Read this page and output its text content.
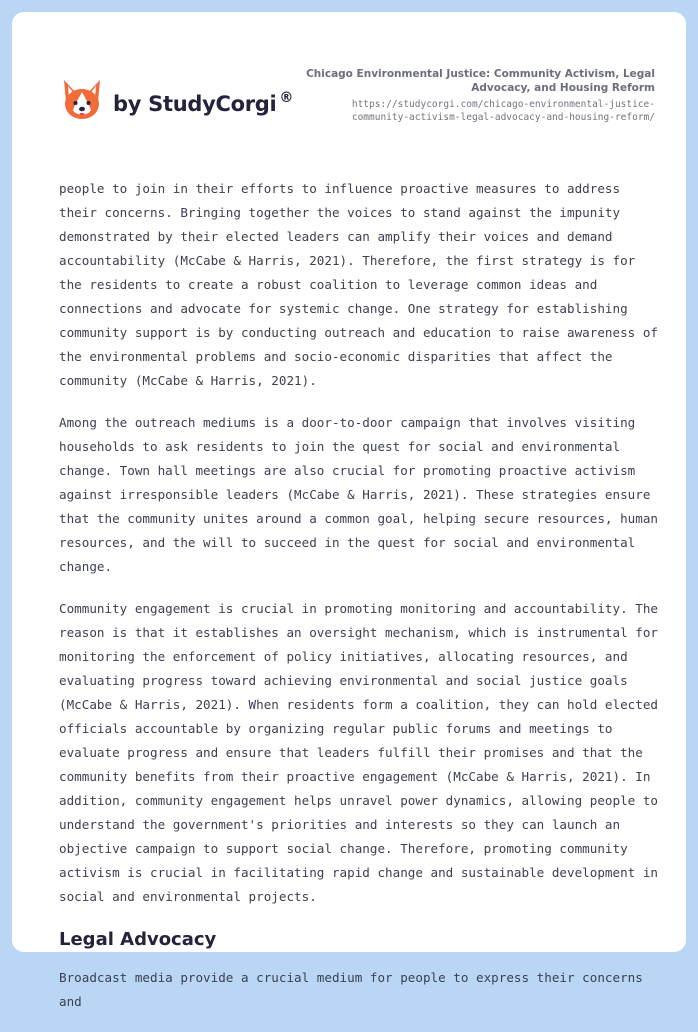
by StudyCorgi ®
Chicago Environmental Justice: Community Activism, Legal Advocacy, and Housing Reform
https://studycorgi.com/chicago-environmental-justice-community-activism-legal-advocacy-and-housing-reform/

people to join in their efforts to influence proactive measures to address their concerns. Bringing together the voices to stand against the impunity demonstrated by their elected leaders can amplify their voices and demand accountability (McCabe & Harris, 2021). Therefore, the first strategy is for the residents to create a robust coalition to leverage common ideas and connections and advocate for systemic change. One strategy for establishing community support is by conducting outreach and education to raise awareness of the environmental problems and socio-economic disparities that affect the community (McCabe & Harris, 2021).

Among the outreach mediums is a door-to-door campaign that involves visiting households to ask residents to join the quest for social and environmental change. Town hall meetings are also crucial for promoting proactive activism against irresponsible leaders (McCabe & Harris, 2021). These strategies ensure that the community unites around a common goal, helping secure resources, human resources, and the will to succeed in the quest for social and environmental change.

Community engagement is crucial in promoting monitoring and accountability. The reason is that it establishes an oversight mechanism, which is instrumental for monitoring the enforcement of policy initiatives, allocating resources, and evaluating progress toward achieving environmental and social justice goals (McCabe & Harris, 2021). When residents form a coalition, they can hold elected officials accountable by organizing regular public forums and meetings to evaluate progress and ensure that leaders fulfill their promises and that the community benefits from their proactive engagement (McCabe & Harris, 2021). In addition, community engagement helps unravel power dynamics, allowing people to understand the government's priorities and interests so they can launch an objective campaign to support social change. Therefore, promoting community activism is crucial in facilitating rapid change and sustainable development in social and environmental projects.

Legal Advocacy

Broadcast media provide a crucial medium for people to express their concerns and
